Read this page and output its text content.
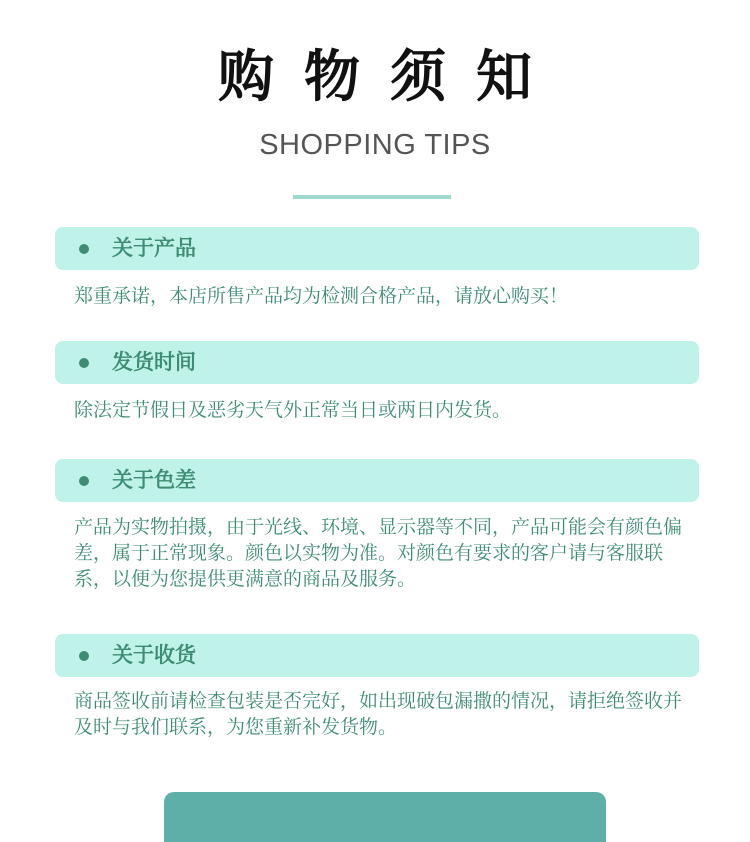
购物须知
SHOPPING TIPS
关于产品

郑重承诺，本店所售产品均为检测合格产品，请放心购买！

发货时间

除法定节假日及恶劣天气外正常当日或两日内发货。

关于色差

产品为实物拍摄，由于光线、环境、显示器等不同，产品可能会有颜色偏差，属于正常现象。颜色以实物为准。对颜色有要求的客户请与客服联系，以便为您提供更满意的商品及服务。

关于收货

商品签收前请检查包装是否完好，如出现破包漏撒的情况，请拒绝签收并及时与我们联系，为您重新补发货物。
